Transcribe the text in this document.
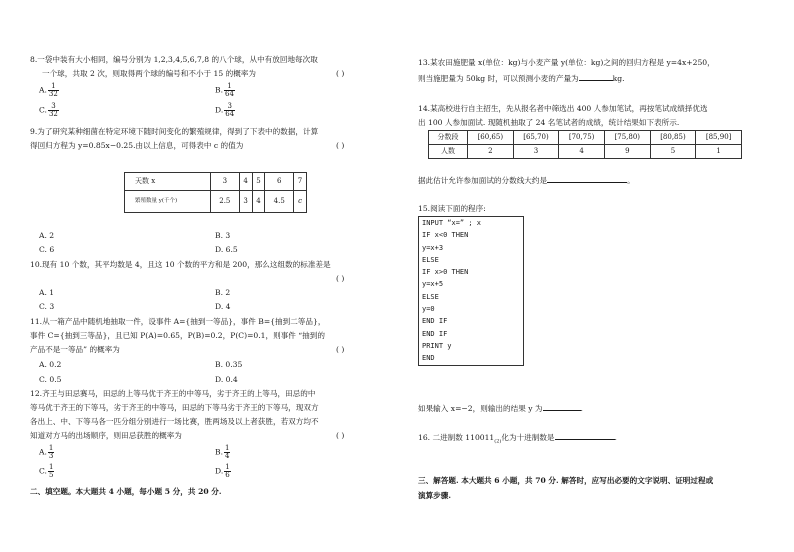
8.一袋中装有大小相同，编号分别为 1,2,3,4,5,6,7,8 的八个球，从中有放回地每次取
一个球，共取 2 次，则取得两个球的编号和不小于 15 的概率为	( )
A. $\frac{1}{32}$	B. $\frac{1}{64}$
C. $\frac{3}{32}$	D. $\frac{3}{64}$
9.为了研究某种细菌在特定环境下随时间变化的繁殖规律，得到了下表中的数据，计算
得回归方程为 y=0.85x−0.25.由以上信息，可得表中 c 的值为	( )
天数 x	3	4	5	6	7
繁殖数量 y(千个)	2.5	3	4	4.5	c
A. 2	B. 3
C. 6	D. 6.5
10.现有 10 个数，其平均数是 4，且这 10 个数的平方和是 200，那么这组数的标准差是
( )
A. 1	B. 2
C. 3	D. 4
11.从一箱产品中随机地抽取一件，设事件 A={抽到一等品}，事件 B={抽到二等品}，
事件 C={抽到三等品}，且已知 P(A)=0.65，P(B)=0.2，P(C)=0.1，则事件 “抽到的
产品不是一等品” 的概率为	( )
A. 0.2	B. 0.35
C. 0.5	D. 0.4
12.齐王与田忌赛马，田忌的上等马优于齐王的中等马，劣于齐王的上等马，田忌的中
等马优于齐王的下等马，劣于齐王的中等马，田忌的下等马劣于齐王的下等马，现双方
各出上、中、下等马各一匹分组分别进行一场比赛，胜两场及以上者获胜，若双方均不
知道对方马的出场顺序，则田忌获胜的概率为	( )
A. $\frac{1}{3}$	B. $\frac{1}{4}$
C. $\frac{1}{5}$	D. $\frac{1}{6}$
二、填空题。本大题共 4 小题，每小题 5 分，共 20 分.
13.某农田施肥量 x(单位：kg)与小麦产量 y(单位：kg)之间的回归方程是 y=4x+250，
则当施肥量为 50kg 时，可以预测小麦的产量为	kg.
14.某高校进行自主招生，先从报名者中筛选出 400 人参加笔试，再按笔试成绩择优选
出 100 人参加面试. 现随机抽取了 24 名笔试者的成绩，统计结果如下表所示.
分数段	[60,65)	[65,70)	[70,75)	[75,80)	[80,85)	[85,90]
人数	2	3	4	9	5	1
据此估计允许参加面试的分数线大约是	。
15.阅读下面的程序:
INPUT “x=” ; x
IF x<0 THEN
y=x+3
ELSE
IF x>0 THEN
y=x+5
ELSE
y=0
END IF
END IF
PRINT y
END
如果输入 x=−2，则输出的结果 y 为	.
16. 二进制数 $110011_{(2)}$化为十进制数是	.
三、解答题. 本大题共 6 小题，共 70 分. 解答时，应写出必要的文字说明、证明过程或
演算步骤.
